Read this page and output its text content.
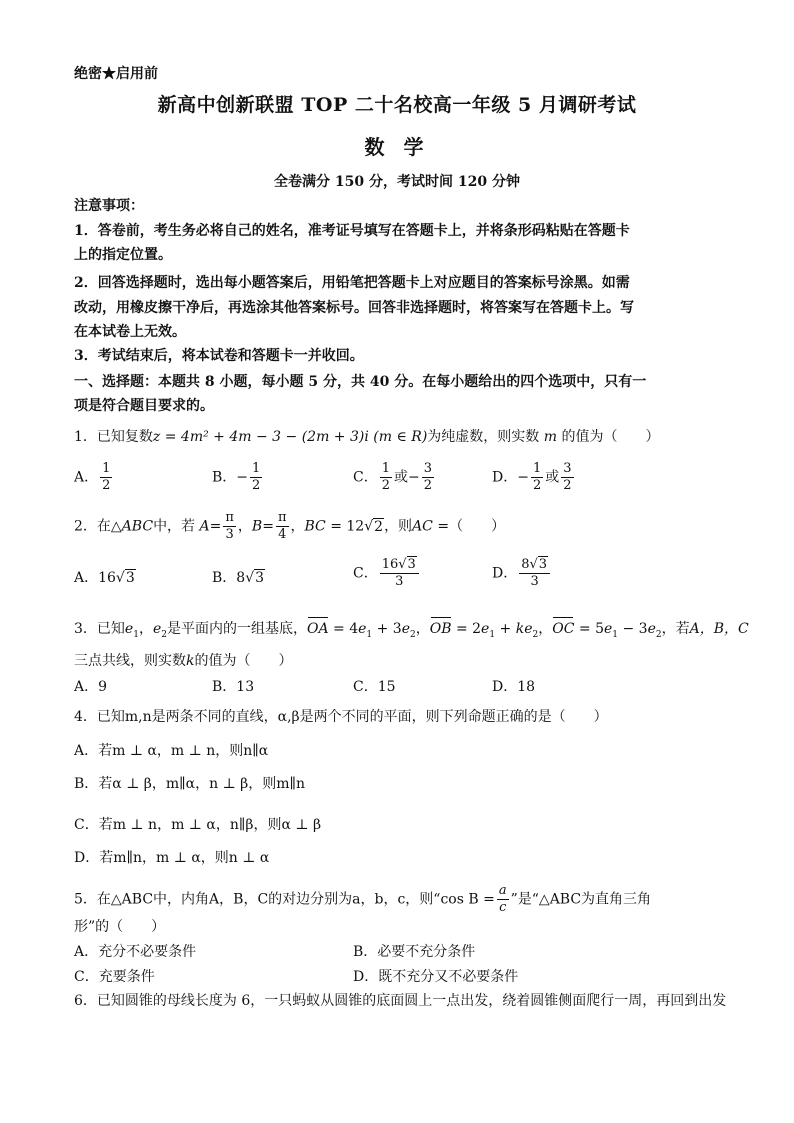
绝密★启用前
新高中创新联盟 TOP 二十名校高一年级 5 月调研考试
数 学
全卷满分 150 分，考试时间 120 分钟
注意事项：
1．答卷前，考生务必将自己的姓名，准考证号填写在答题卡上，并将条形码粘贴在答题卡
上的指定位置。
2．回答选择题时，选出每小题答案后，用铅笔把答题卡上对应题目的答案标号涂黑。如需
改动，用橡皮擦干净后，再选涂其他答案标号。回答非选择题时，将答案写在答题卡上。写
在本试卷上无效。
3．考试结束后，将本试卷和答题卡一并收回。
一、选择题：本题共 8 小题，每小题 5 分，共 40 分。在每小题给出的四个选项中，只有一
项是符合题目要求的。
1．已知复数z = 4m² + 4m − 3 − (2m + 3)i (m ∈ R)为纯虚数，则实数 m 的值为（　　）
A． $\frac{1}{2}$	B．− $\frac{1}{2}$	C． $\frac{1}{2}$ 或− $\frac{3}{2}$	D．− $\frac{1}{2}$ 或 $\frac{3}{2}$
2．在△ABC中，若 $A= \frac{\pi}{3}$ ，$B= \frac{\pi}{4}$ ，BC = 12√2，则AC =（　　）
A．16√3	B．8√3	C． $\frac{16√3}{3}$	D． $\frac{8√3}{3}$
3．已知$e_1$，$e_2$是平面内的一组基底，OA = $4e_1 + 3e_2$，OB = $2e_1 + ke_2$，OC = $5e_1 - 3e_2$，若A，B，C
三点共线，则实数k的值为（　　）
A．9	B．13	C．15	D．18
4．已知m,n是两条不同的直线，α,β是两个不同的平面，则下列命题正确的是（　　）
A．若m ⊥ α，m ⊥ n，则n∥α
B．若α ⊥ β，m∥α，n ⊥ β，则m∥n
C．若m ⊥ n，m ⊥ α，n∥β，则α ⊥ β
D．若m∥n，m ⊥ α，则n ⊥ α
5．在△ABC中，内角A，B，C的对边分别为a，b，c，则“cos $B = \frac{a}{c}$ ”是“△ABC为直角三角
形”的（　　）
A．充分不必要条件	B．必要不充分条件
C．充要条件	D．既不充分又不必要条件
6．已知圆锥的母线长度为 6，一只蚂蚁从圆锥的底面圆上一点出发，绕着圆锥侧面爬行一周，再回到出发
